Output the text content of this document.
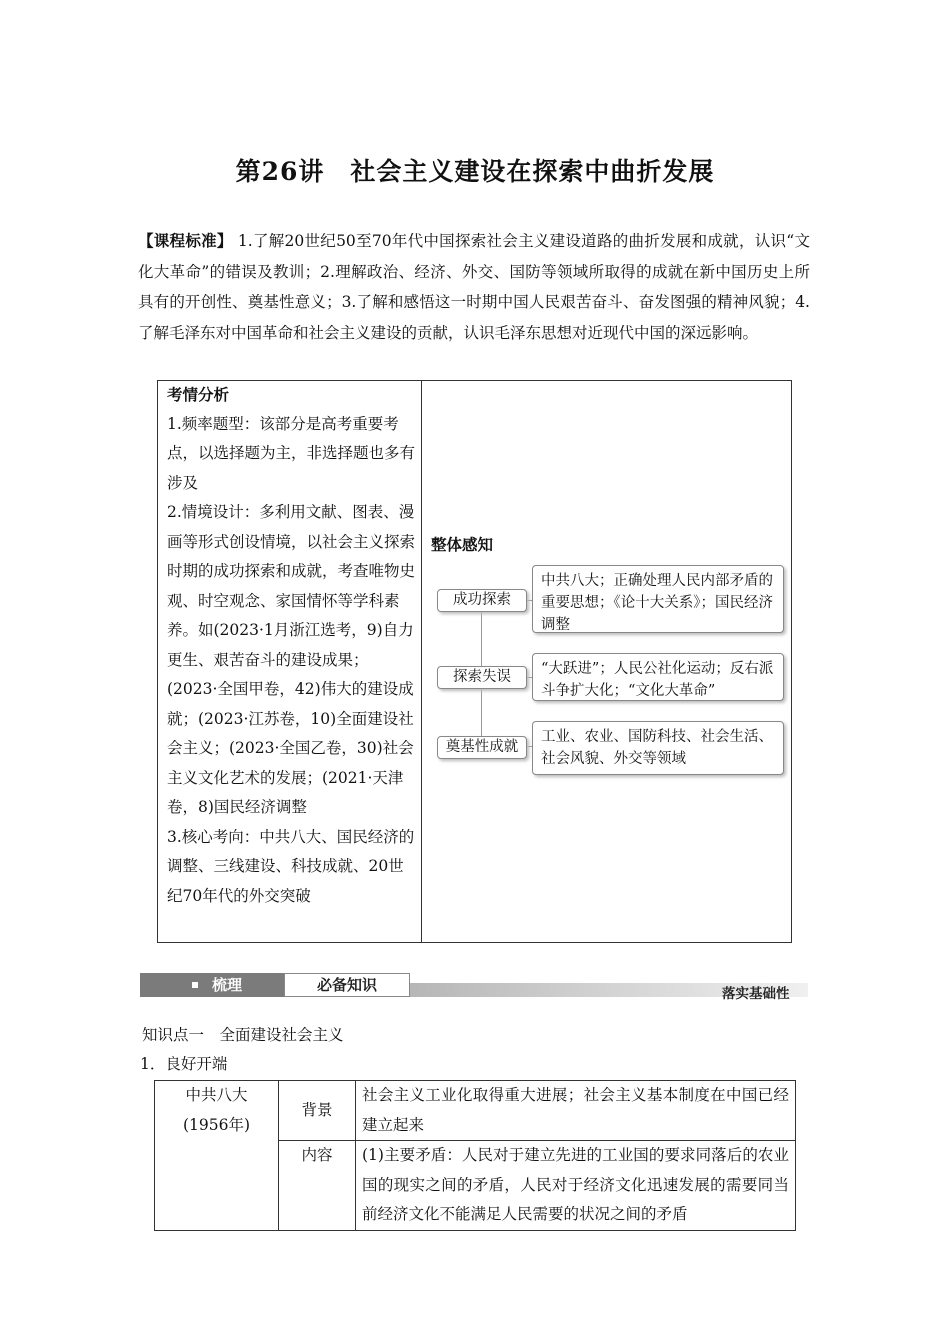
第26讲　社会主义建设在探索中曲折发展
【课程标准】 1.了解20世纪50至70年代中国探索社会主义建设道路的曲折发展和成就，认识“文化大革命”的错误及教训；2.理解政治、经济、外交、国防等领域所取得的成就在新中国历史上所具有的开创性、奠基性意义；3.了解和感悟这一时期中国人民艰苦奋斗、奋发图强的精神风貌；4.了解毛泽东对中国革命和社会主义建设的贡献，认识毛泽东思想对近现代中国的深远影响。
考情分析
1.频率题型：该部分是高考重要考点，以选择题为主，非选择题也多有涉及
2.情境设计：多利用文献、图表、漫画等形式创设情境，以社会主义探索时期的成功探索和成就，考查唯物史观、时空观念、家国情怀等学科素养。如(2023·1月浙江选考，9)自力更生、艰苦奋斗的建设成果；(2023·全国甲卷，42)伟大的建设成就；(2023·江苏卷，10)全面建设社会主义；(2023·全国乙卷，30)社会主义文化艺术的发展；(2021·天津卷，8)国民经济调整
3.核心考向：中共八大、国民经济的调整、三线建设、科技成就、20世纪70年代的外交突破
整体感知
成功探索
中共八大；正确处理人民内部矛盾的重要思想；《论十大关系》；国民经济调整
探索失误	“大跃进”；人民公社化运动；反右派斗争扩大化；“文化大革命”
奠基性成就
工业、农业、国防科技、社会生活、社会风貌、外交等领域
梳理	必备知识	落实基础性
知识点一　全面建设社会主义
1．良好开端
中共八大
(1956年)	背景	社会主义工业化取得重大进展；社会主义基本制度在中国已经建立起来
	内容	(1)主要矛盾：人民对于建立先进的工业国的要求同落后的农业国的现实之间的矛盾，人民对于经济文化迅速发展的需要同当前经济文化不能满足人民需要的状况之间的矛盾
